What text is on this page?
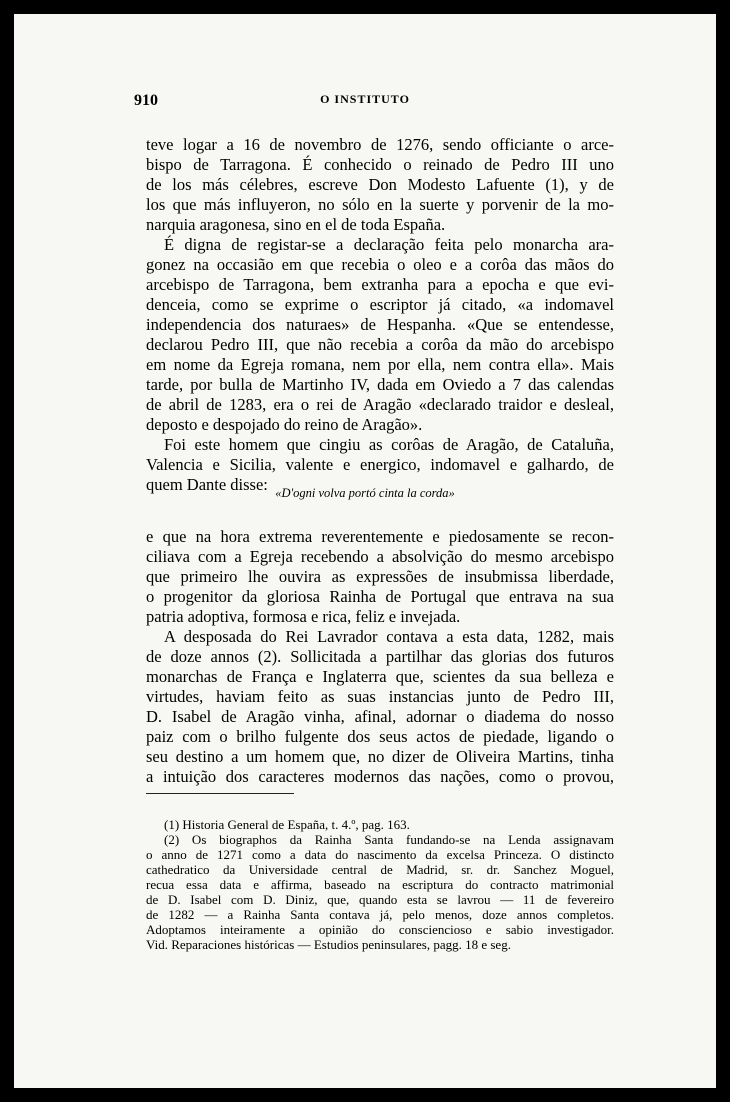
910	O INSTITUTO
teve logar a 16 de novembro de 1276, sendo officiante o arce-
bispo de Tarragona. É conhecido o reinado de Pedro III uno
de los más célebres, escreve Don Modesto Lafuente (1), y de
los que más influyeron, no sólo en la suerte y porvenir de la mo-
narquia aragonesa, sino en el de toda España.
É digna de registar-se a declaração feita pelo monarcha ara-
gonez na occasião em que recebia o oleo e a corôa das mãos do
arcebispo de Tarragona, bem extranha para a epocha e que evi-
denceia, como se exprime o escriptor já citado, «a indomavel
independencia dos naturaes» de Hespanha. «Que se entendesse,
declarou Pedro III, que não recebia a corôa da mão do arcebispo
em nome da Egreja romana, nem por ella, nem contra ella». Mais
tarde, por bulla de Martinho IV, dada em Oviedo a 7 das calendas
de abril de 1283, era o rei de Aragão «declarado traidor e desleal,
deposto e despojado do reino de Aragão».
Foi este homem que cingiu as corôas de Aragão, de Cataluña,
Valencia e Sicilia, valente e energico, indomavel e galhardo, de
quem Dante disse: «D'ogni volva portó cinta la corda»
e que na hora extrema reverentemente e piedosamente se recon-
ciliava com a Egreja recebendo a absolvição do mesmo arcebispo
que primeiro lhe ouvira as expressões de insubmissa liberdade,
o progenitor da gloriosa Rainha de Portugal que entrava na sua
patria adoptiva, formosa e rica, feliz e invejada.
A desposada do Rei Lavrador contava a esta data, 1282, mais
de doze annos (2). Sollicitada a partilhar das glorias dos futuros
monarchas de França e Inglaterra que, scientes da sua belleza e
virtudes, haviam feito as suas instancias junto de Pedro III,
D. Isabel de Aragão vinha, afinal, adornar o diadema do nosso
paiz com o brilho fulgente dos seus actos de piedade, ligando o
seu destino a um homem que, no dizer de Oliveira Martins, tinha
a intuição dos caracteres modernos das nações, como o provou,
(1) Historia General de España, t. 4.º, pag. 163.
(2) Os biographos da Rainha Santa fundando-se na Lenda assignavam
o anno de 1271 como a data do nascimento da excelsa Princeza. O distincto
cathedratico da Universidade central de Madrid, sr. dr. Sanchez Moguel,
recua essa data e affirma, baseado na escriptura do contracto matrimonial
de D. Isabel com D. Diniz, que, quando esta se lavrou — 11 de fevereiro
de 1282 — a Rainha Santa contava já, pelo menos, doze annos completos.
Adoptamos inteiramente a opinião do consciencioso e sabio investigador.
Vid. Reparaciones históricas — Estudios peninsulares, pagg. 18 e seg.
